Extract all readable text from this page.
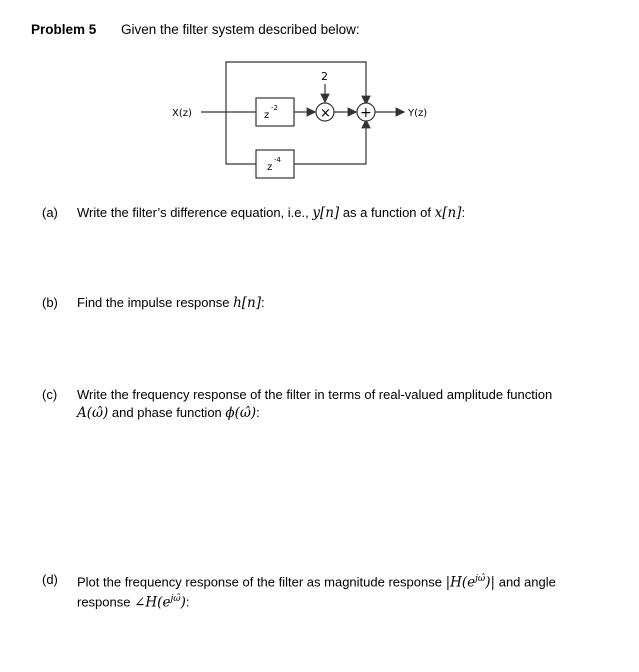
Problem 5 Given the filter system described below:
X(z)
z
-4
z
-2
2
× +	Y(z)
(a) Write the filter’s difference equation, i.e., y[n] as a function of x[n]:
(b) Find the impulse response h[n]:
(c) Write the frequency response of the filter in terms of real-valued amplitude function
A(ω̂) and phase function ϕ(ω̂):
(d) Plot the frequency response of the filter as magnitude response $|H(e^{j\omegâ})|$ and angle
response $\angle H(e^{j\omegâ})$:
